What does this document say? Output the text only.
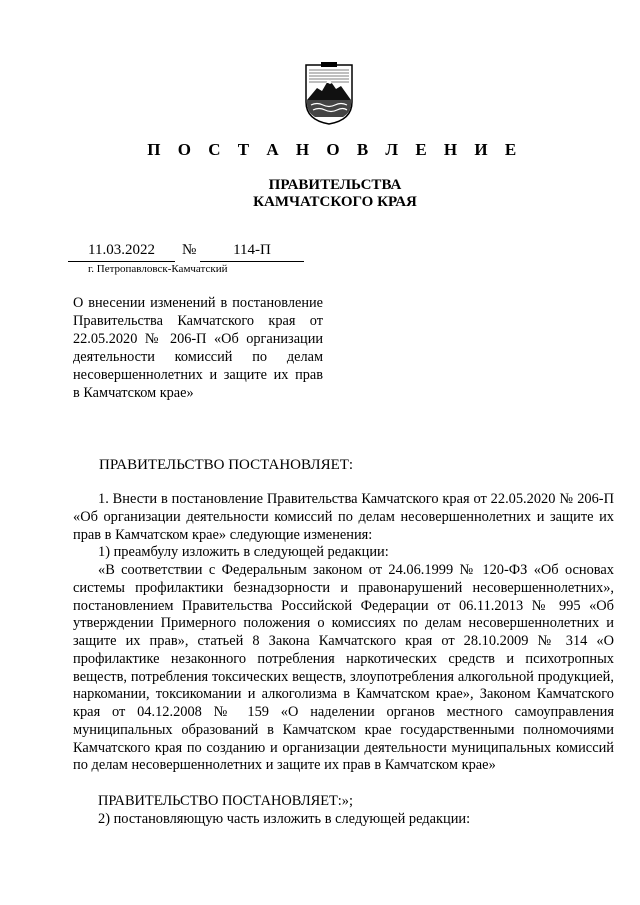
П О С Т А Н О В Л Е Н И Е
ПРАВИТЕЛЬСТВА
КАМЧАТСКОГО КРАЯ
11.03.2022	№	114-П
г. Петропавловск-Камчатский
О внесении изменений в постановление Правительства Камчатского края от 22.05.2020 № 206-П «Об организации деятельности комиссий по делам несовершеннолетних и защите их прав
в Камчатском крае»
ПРАВИТЕЛЬСТВО ПОСТАНОВЛЯЕТ:

1. Внести в постановление Правительства Камчатского края от 22.05.2020 № 206-П «Об организации деятельности комиссий по делам несовершеннолетних и защите их прав в Камчатском крае» следующие изменения:

1) преамбулу изложить в следующей редакции:

«В соответствии с Федеральным законом от 24.06.1999 № 120-ФЗ «Об основах системы профилактики безнадзорности и правонарушений несовершеннолетних», постановлением Правительства Российской Федерации от 06.11.2013 № 995 «Об утверждении Примерного положения о комиссиях по делам несовершеннолетних и защите их прав», статьей 8 Закона Камчатского края от 28.10.2009 № 314 «О профилактике незаконного потребления наркотических средств и психотропных веществ, потребления токсических веществ, злоупотребления алкогольной продукцией, наркомании, токсикомании и алкоголизма в Камчатском крае», Законом Камчатского края от 04.12.2008 № 159 «О наделении органов местного самоуправления муниципальных образований в Камчатском крае государственными полномочиями Камчатского края по созданию и организации деятельности муниципальных комиссий по делам несовершеннолетних и защите их прав в Камчатском крае»

ПРАВИТЕЛЬСТВО ПОСТАНОВЛЯЕТ:»;

2) постановляющую часть изложить в следующей редакции:
